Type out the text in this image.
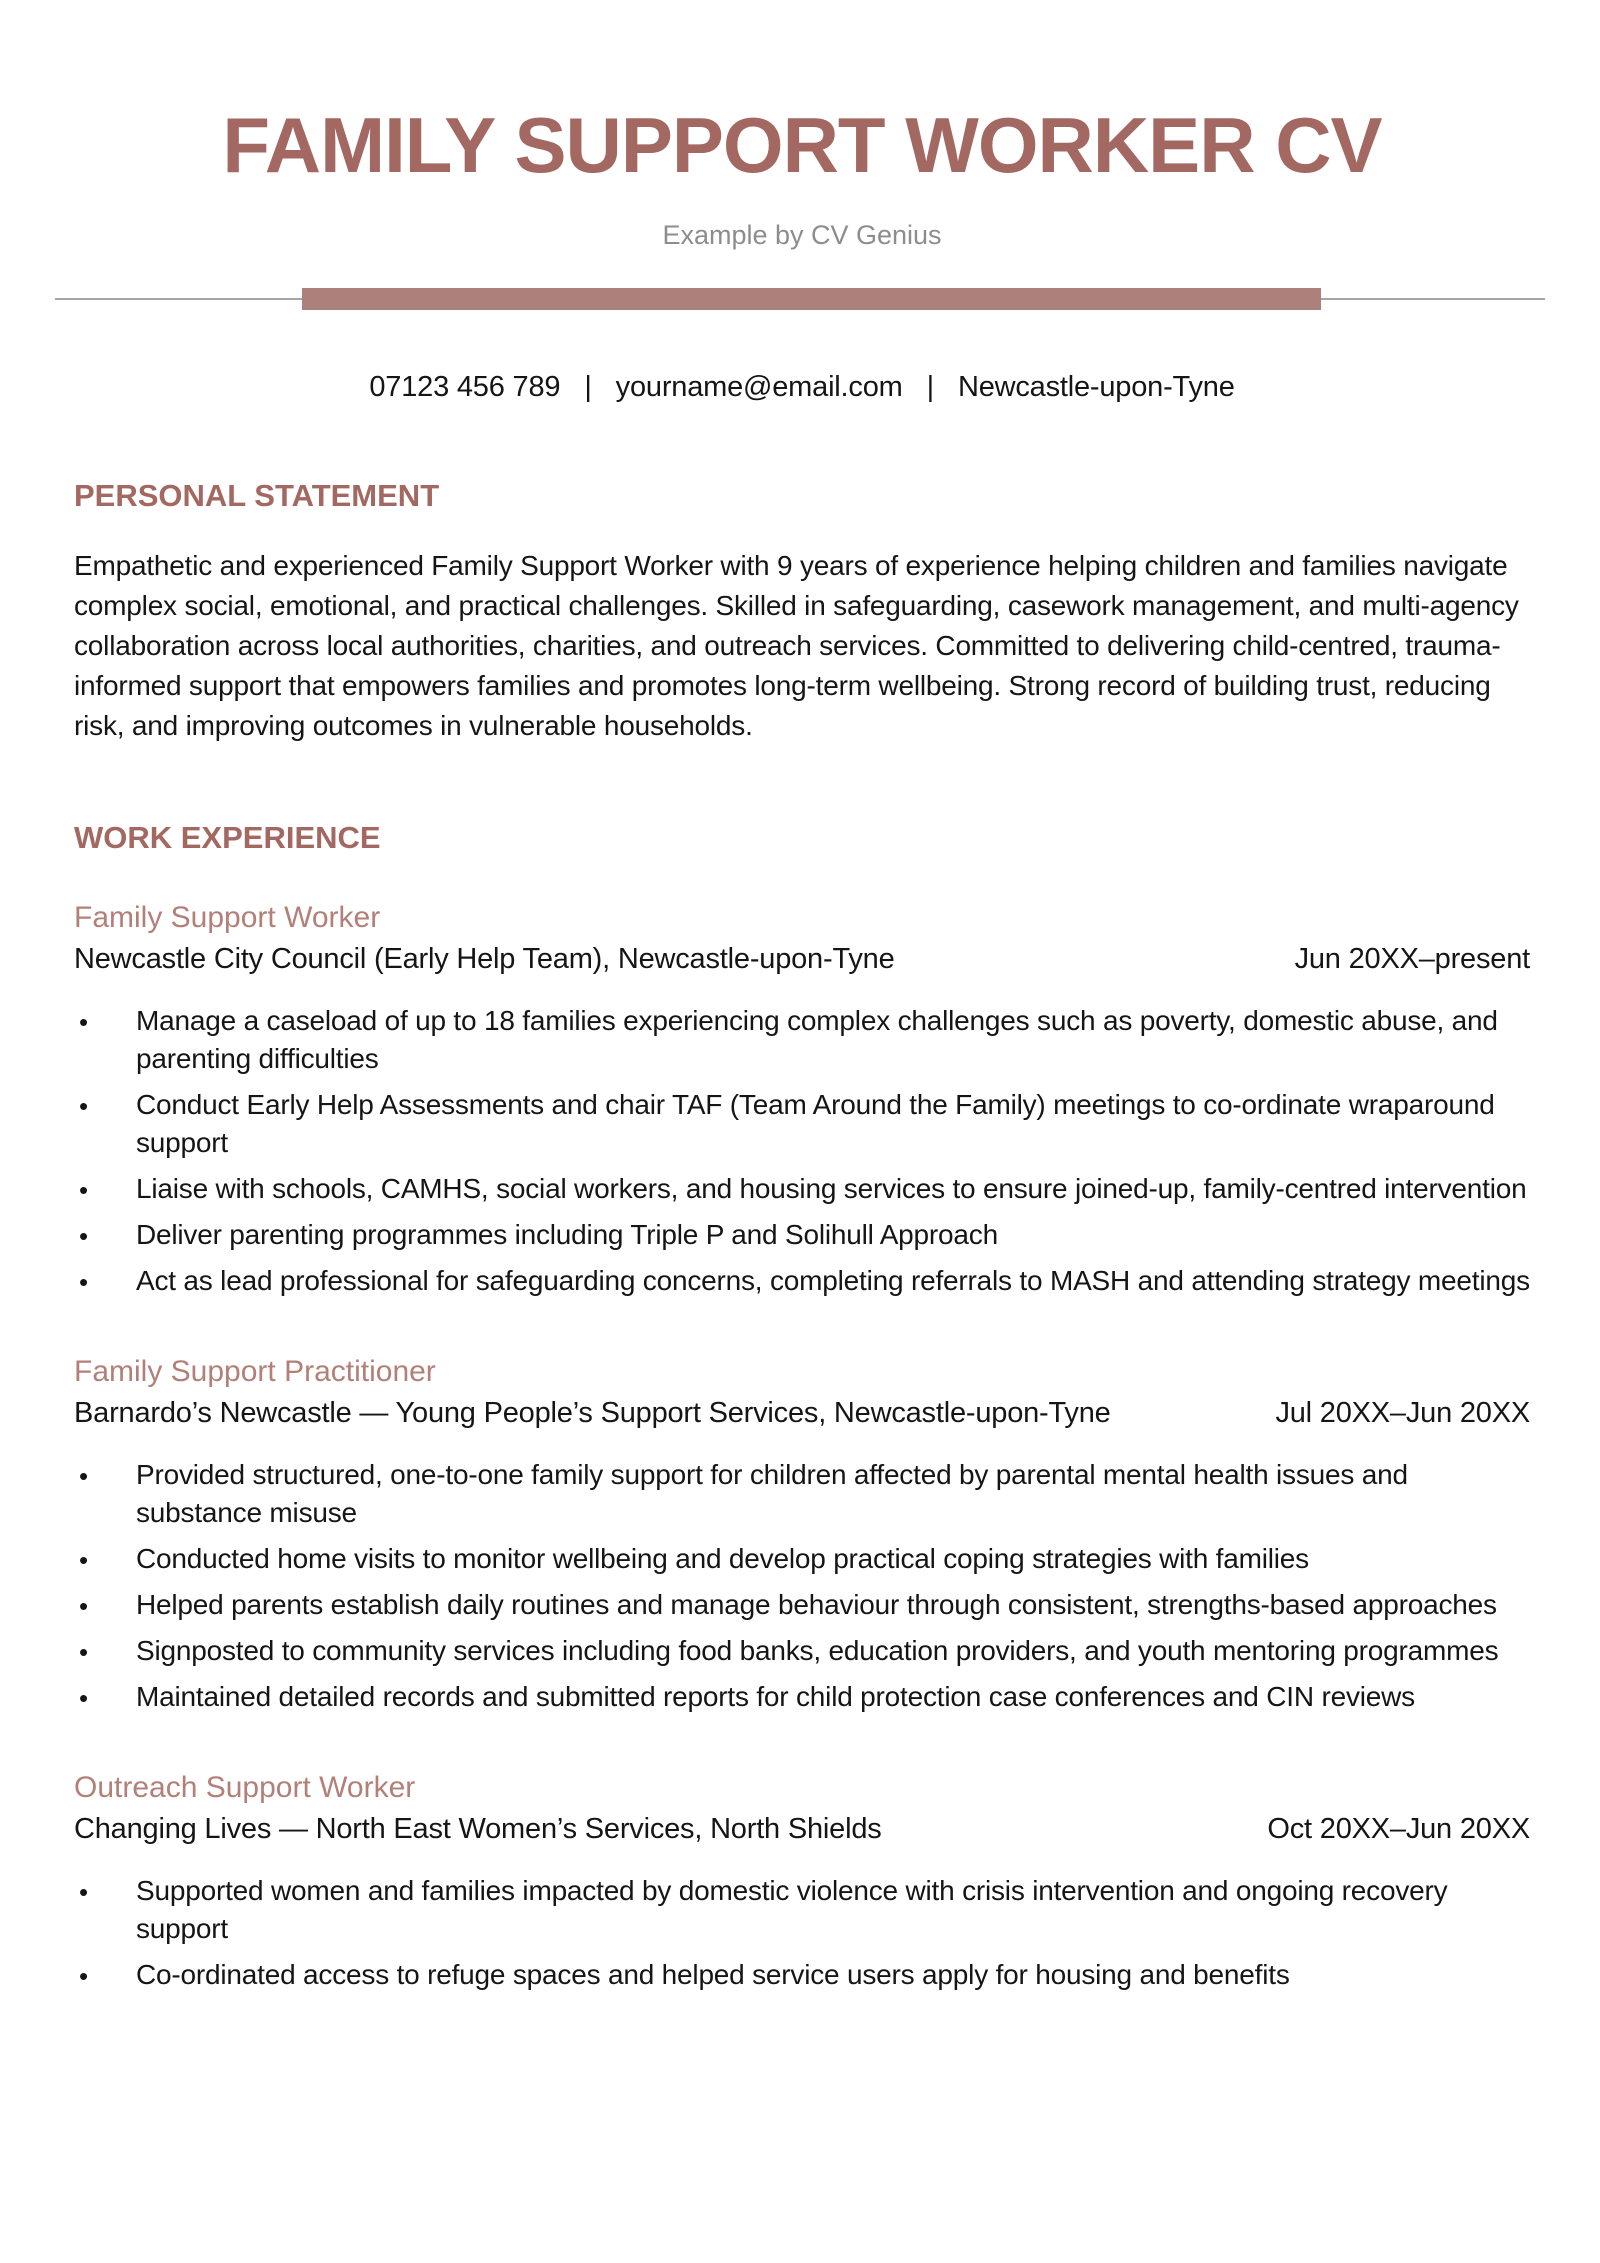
FAMILY SUPPORT WORKER CV
Example by CV Genius
07123 456 789 | yourname@email.com | Newcastle-upon-Tyne
PERSONAL STATEMENT

Empathetic and experienced Family Support Worker with 9 years of experience helping children and families navigate complex social, emotional, and practical challenges. Skilled in safeguarding, casework management, and multi-agency collaboration across local authorities, charities, and outreach services. Committed to delivering child-centred, trauma-informed support that empowers families and promotes long-term wellbeing. Strong record of building trust, reducing risk, and improving outcomes in vulnerable households.

WORK EXPERIENCE
Family Support Worker
Newcastle City Council (Early Help Team), Newcastle-upon-Tyne	Jun 20XX–present
• Manage a caseload of up to 18 families experiencing complex challenges such as poverty, domestic abuse, and parenting difficulties
• Conduct Early Help Assessments and chair TAF (Team Around the Family) meetings to co-ordinate wraparound support
• Liaise with schools, CAMHS, social workers, and housing services to ensure joined-up, family-centred intervention
• Deliver parenting programmes including Triple P and Solihull Approach
• Act as lead professional for safeguarding concerns, completing referrals to MASH and attending strategy meetings
Family Support Practitioner
Barnardo’s Newcastle — Young People’s Support Services, Newcastle-upon-Tyne	Jul 20XX–Jun 20XX
• Provided structured, one-to-one family support for children affected by parental mental health issues and substance misuse
• Conducted home visits to monitor wellbeing and develop practical coping strategies with families
• Helped parents establish daily routines and manage behaviour through consistent, strengths-based approaches
• Signposted to community services including food banks, education providers, and youth mentoring programmes
• Maintained detailed records and submitted reports for child protection case conferences and CIN reviews
Outreach Support Worker
Changing Lives — North East Women’s Services, North Shields	Oct 20XX–Jun 20XX
• Supported women and families impacted by domestic violence with crisis intervention and ongoing recovery support
• Co-ordinated access to refuge spaces and helped service users apply for housing and benefits
